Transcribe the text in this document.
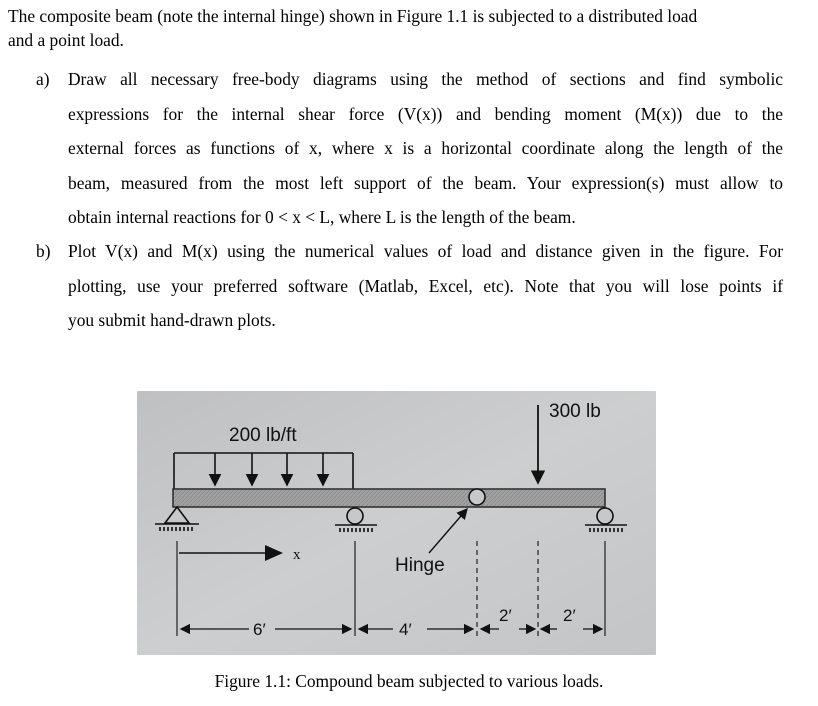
The composite beam (note the internal hinge) shown in Figure 1.1 is subjected to a distributed load
and a point load.

a) Draw all necessary free-body diagrams using the method of sections and find symbolic
expressions for the internal shear force (V(x)) and bending moment (M(x)) due to the
external forces as functions of x, where x is a horizontal coordinate along the length of the
beam, measured from the most left support of the beam. Your expression(s) must allow to
obtain internal reactions for 0 < x < L, where L is the length of the beam.
b) Plot V(x) and M(x) using the numerical values of load and distance given in the figure. For
plotting, use your preferred software (Matlab, Excel, etc). Note that you will lose points if
you submit hand-drawn plots.
200 lb/ft
300 lb
Hinge
x
6′	4′
2′	2′
Figure 1.1: Compound beam subjected to various loads.
